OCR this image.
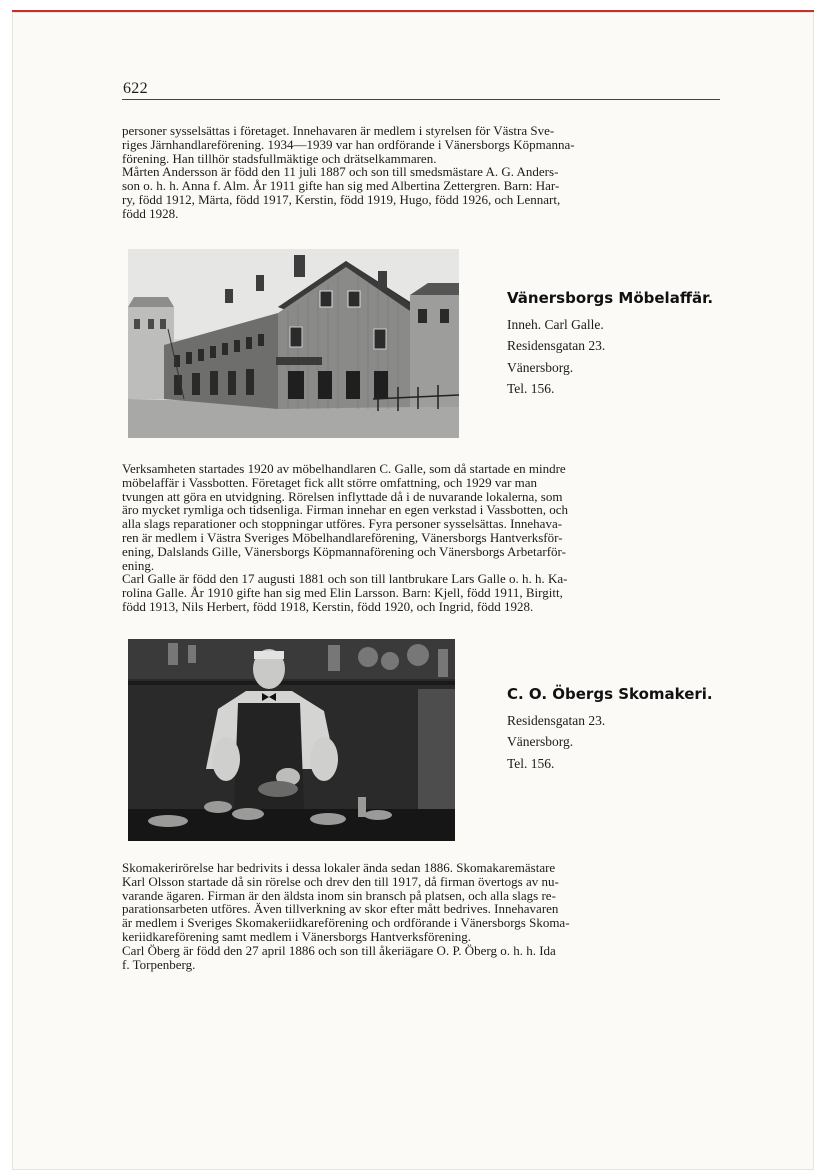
622
personer sysselsättas i företaget. Innehavaren är medlem i styrelsen för Västra Sve-
riges Järnhandlareförening. 1934—1939 var han ordförande i Vänersborgs Köpmanna-
förening. Han tillhör stadsfullmäktige och drätselkammaren.
Mårten Andersson är född den 11 juli 1887 och son till smedsmästare A. G. Anders-
son o. h. h. Anna f. Alm. År 1911 gifte han sig med Albertina Zettergren. Barn: Har-
ry, född 1912, Märta, född 1917, Kerstin, född 1919, Hugo, född 1926, och Lennart,
född 1928.
Vänersborgs Möbelaffär.
Inneh. Carl Galle.
Residensgatan 23.
Vänersborg.
Tel. 156.
Verksamheten startades 1920 av möbelhandlaren C. Galle, som då startade en mindre
möbelaffär i Vassbotten. Företaget fick allt större omfattning, och 1929 var man
tvungen att göra en utvidgning. Rörelsen inflyttade då i de nuvarande lokalerna, som
äro mycket rymliga och tidsenliga. Firman innehar en egen verkstad i Vassbotten, och
alla slags reparationer och stoppningar utföres. Fyra personer sysselsättas. Innehava-
ren är medlem i Västra Sveriges Möbelhandlareförening, Vänersborgs Hantverksför-
ening, Dalslands Gille, Vänersborgs Köpmannaförening och Vänersborgs Arbetarför-
ening.
Carl Galle är född den 17 augusti 1881 och son till lantbrukare Lars Galle o. h. h. Ka-
rolina Galle. År 1910 gifte han sig med Elin Larsson. Barn: Kjell, född 1911, Birgitt,
född 1913, Nils Herbert, född 1918, Kerstin, född 1920, och Ingrid, född 1928.
C. O. Öbergs Skomakeri.
Residensgatan 23.
Vänersborg.
Tel. 156.
Skomakerirörelse har bedrivits i dessa lokaler ända sedan 1886. Skomakaremästare
Karl Olsson startade då sin rörelse och drev den till 1917, då firman övertogs av nu-
varande ägaren. Firman är den äldsta inom sin bransch på platsen, och alla slags re-
parationsarbeten utföres. Även tillverkning av skor efter mått bedrives. Innehavaren
är medlem i Sveriges Skomakeriidkareförening och ordförande i Vänersborgs Skoma-
keriidkareförening samt medlem i Vänersborgs Hantverksförening.
Carl Öberg är född den 27 april 1886 och son till åkeriägare O. P. Öberg o. h. h. Ida
f. Torpenberg.
